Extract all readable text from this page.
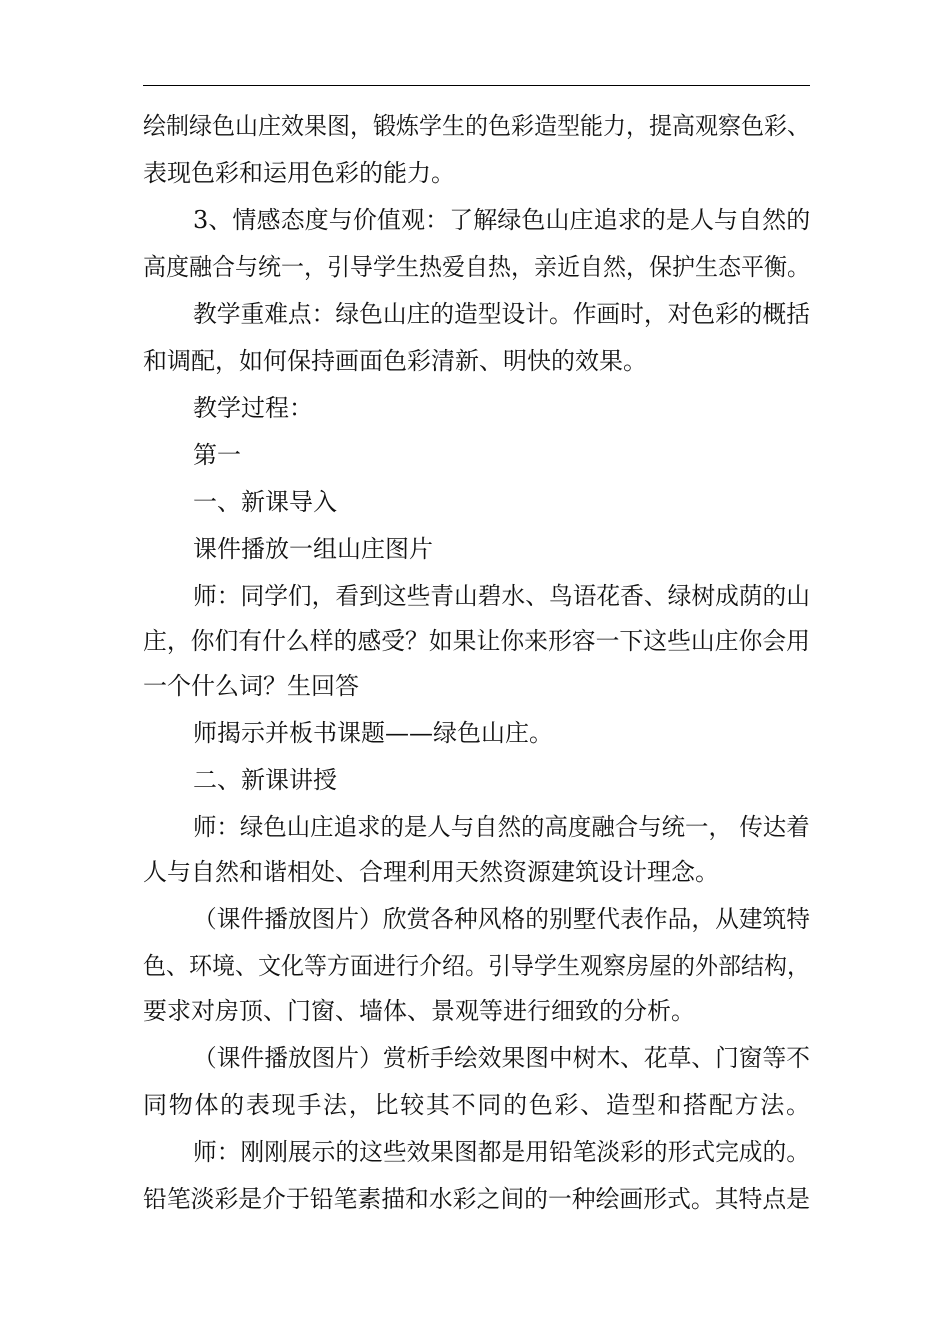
绘制绿色山庄效果图，锻炼学生的色彩造型能力，提高观察色彩、
表现色彩和运用色彩的能力。
3、情感态度与价值观：了解绿色山庄追求的是人与自然的
高度融合与统一，引导学生热爱自热，亲近自然，保护生态平衡。
教学重难点：绿色山庄的造型设计。作画时，对色彩的概括
和调配，如何保持画面色彩清新、明快的效果。
教学过程：
第一
一、新课导入
课件播放一组山庄图片
师：同学们，看到这些青山碧水、鸟语花香、绿树成荫的山
庄，你们有什么样的感受？如果让你来形容一下这些山庄你会用
一个什么词？生回答
师揭示并板书课题——绿色山庄。
二、新课讲授
师：绿色山庄追求的是人与自然的高度融合与统一， 传达着
人与自然和谐相处、合理利用天然资源建筑设计理念。
（课件播放图片）欣赏各种风格的别墅代表作品，从建筑特
色、环境、文化等方面进行介绍。引导学生观察房屋的外部结构，
要求对房顶、门窗、墙体、景观等进行细致的分析。
（课件播放图片）赏析手绘效果图中树木、花草、门窗等不
同物体的表现手法，比较其不同的色彩、造型和搭配方法。
师：刚刚展示的这些效果图都是用铅笔淡彩的形式完成的。
铅笔淡彩是介于铅笔素描和水彩之间的一种绘画形式。其特点是
